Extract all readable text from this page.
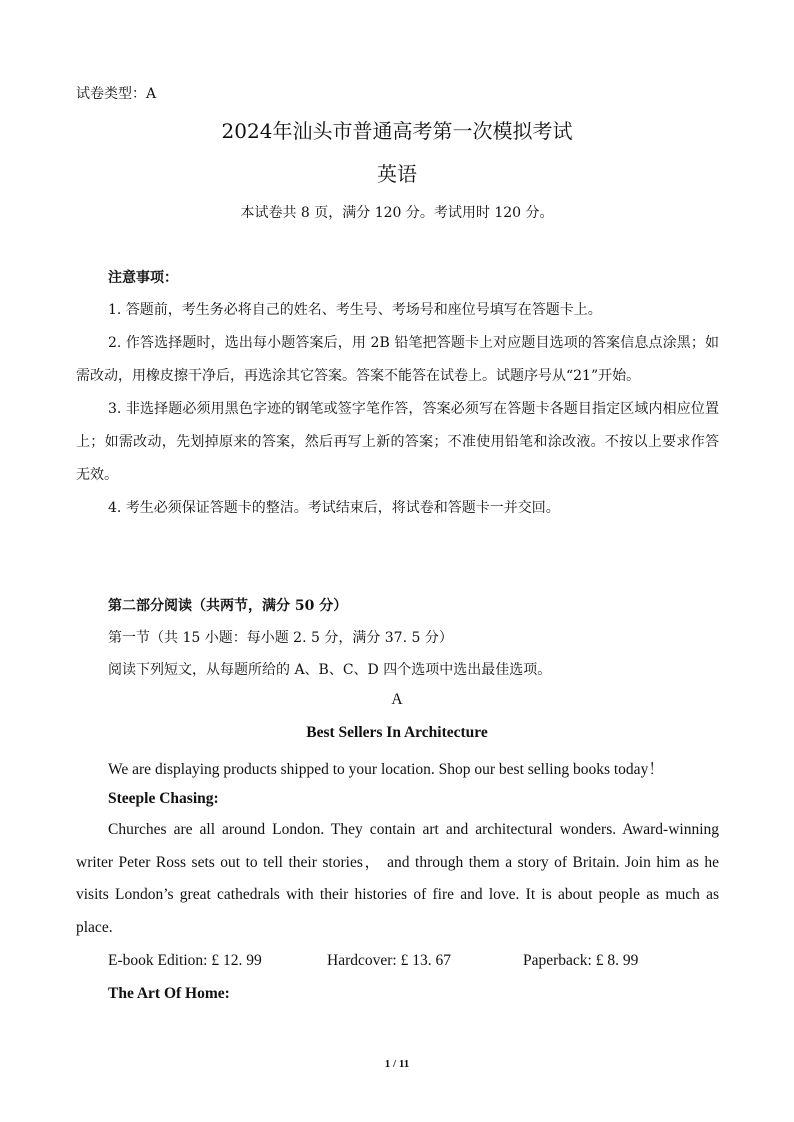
试卷类型：A
2024年汕头市普通高考第一次模拟考试
英语
本试卷共 8 页，满分 120 分。考试用时 120 分。
注意事项：

1. 答题前，考生务必将自己的姓名、考生号、考场号和座位号填写在答题卡上。

2. 作答选择题时，选出每小题答案后，用 2B 铅笔把答题卡上对应题目选项的答案信息点涂黑；如需改动，用橡皮擦干净后，再选涂其它答案。答案不能答在试卷上。试题序号从“21”开始。

3. 非选择题必须用黑色字迹的钢笔或签字笔作答，答案必须写在答题卡各题目指定区域内相应位置上；如需改动，先划掉原来的答案，然后再写上新的答案；不准使用铅笔和涂改液。不按以上要求作答无效。

4. 考生必须保证答题卡的整洁。考试结束后，将试卷和答题卡一并交回。

第二部分阅读（共两节，满分 50 分）
第一节（共 15 小题：每小题 2. 5 分，满分 37. 5 分）
阅读下列短文，从每题所给的 A、B、C、D 四个选项中选出最佳选项。
A
Best Sellers In Architecture
We are displaying products shipped to your location. Shop our best selling books today！
Steeple Chasing:

Churches are all around London. They contain art and architectural wonders. Award-winning writer Peter Ross sets out to tell their stories， and through them a story of Britain. Join him as he visits London’s great cathedrals with their histories of fire and love. It is about people as much as place.

E-book Edition: £ 12. 99	Hardcover: £ 13. 67	Paperback: £ 8. 99
The Art Of Home:
1 / 11
